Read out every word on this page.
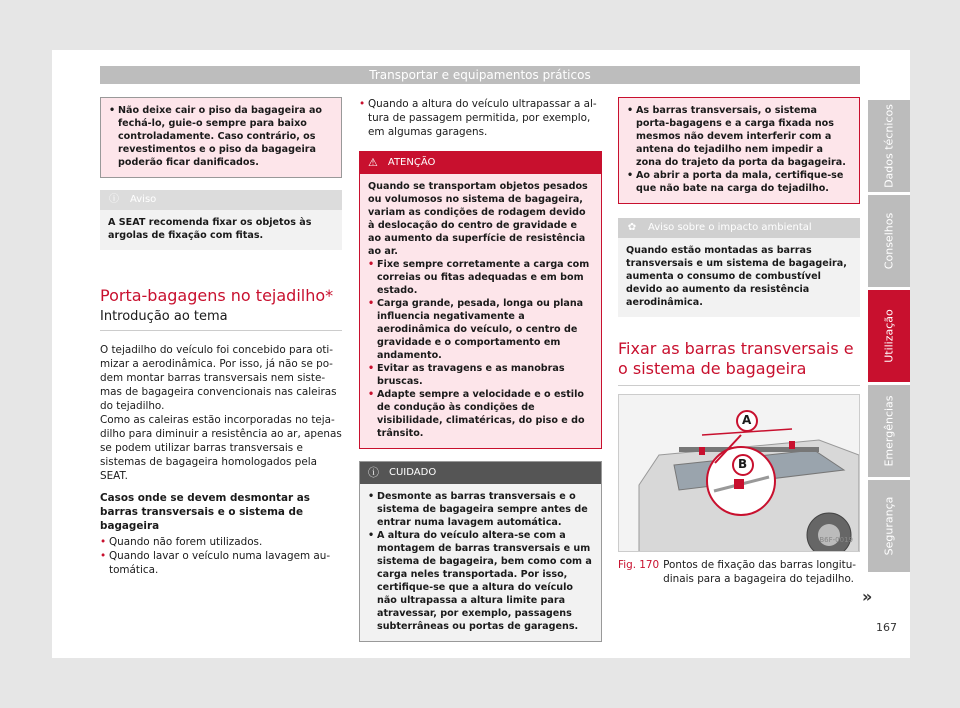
Transportar e equipamentos práticos
• Não deixe cair o piso da bagageira ao fechá-lo, guie-o sempre para baixo controladamente. Caso contrário, os revestimentos e o piso da bagageira poderão ficar danificados.
ⓘ Aviso
A SEAT recomenda fixar os objetos às argolas de fixação com fitas.
Porta-bagagens no tejadilho*
Introdução ao tema

O tejadilho do veículo foi concebido para otimizar a aerodinâmica. Por isso, já não se podem montar barras transversais nem sistemas de bagageira convencionais nas caleiras do tejadilho.

Como as caleiras estão incorporadas no tejadilho para diminuir a resistência ao ar, apenas se podem utilizar barras transversais e sistemas de bagageira homologados pela SEAT.

Casos onde se devem desmontar as barras transversais e o sistema de bagageira

• Quando não forem utilizados.
• Quando lavar o veículo numa lavagem automática.
• Quando a altura do veículo ultrapassar a altura de passagem permitida, por exemplo, em algumas garagens.
⚠ ATENÇÃO

Quando se transportam objetos pesados ou volumosos no sistema de bagageira, variam as condições de rodagem devido à deslocação do centro de gravidade e ao aumento da superfície de resistência ao ar.

• Fixe sempre corretamente a carga com correias ou fitas adequadas e em bom estado.
• Carga grande, pesada, longa ou plana influencia negativamente a aerodinâmica do veículo, o centro de gravidade e o comportamento em andamento.
• Evitar as travagens e as manobras bruscas.
• Adapte sempre a velocidade e o estilo de condução às condições de visibilidade, climatéricas, do piso e do trânsito.
ⓘ CUIDADO
• Desmonte as barras transversais e o sistema de bagageira sempre antes de entrar numa lavagem automática.
• A altura do veículo altera-se com a montagem de barras transversais e um sistema de bagageira, bem como com a carga neles transportada. Por isso, certifique-se que a altura do veículo não ultrapassa a altura limite para atravessar, por exemplo, passagens subterrâneas ou portas de garagens.
• As barras transversais, o sistema porta-bagagens e a carga fixada nos mesmos não devem interferir com a antena do tejadilho nem impedir a zona do trajeto da porta da bagageira.
• Ao abrir a porta da mala, certifique-se que não bate na carga do tejadilho.
✿ Aviso sobre o impacto ambiental
Quando estão montadas as barras transversais e um sistema de bagageira, aumenta o consumo de combustível devido ao aumento da resistência aerodinâmica.
Fixar as barras transversais e o sistema de bagageira
A
B
B6F-0019
Fig. 170 Pontos de fixação das barras longitudinais para a bagageira do tejadilho.
Dados técnicos
Conselhos
Utilização
Emergências
Segurança
»
167
